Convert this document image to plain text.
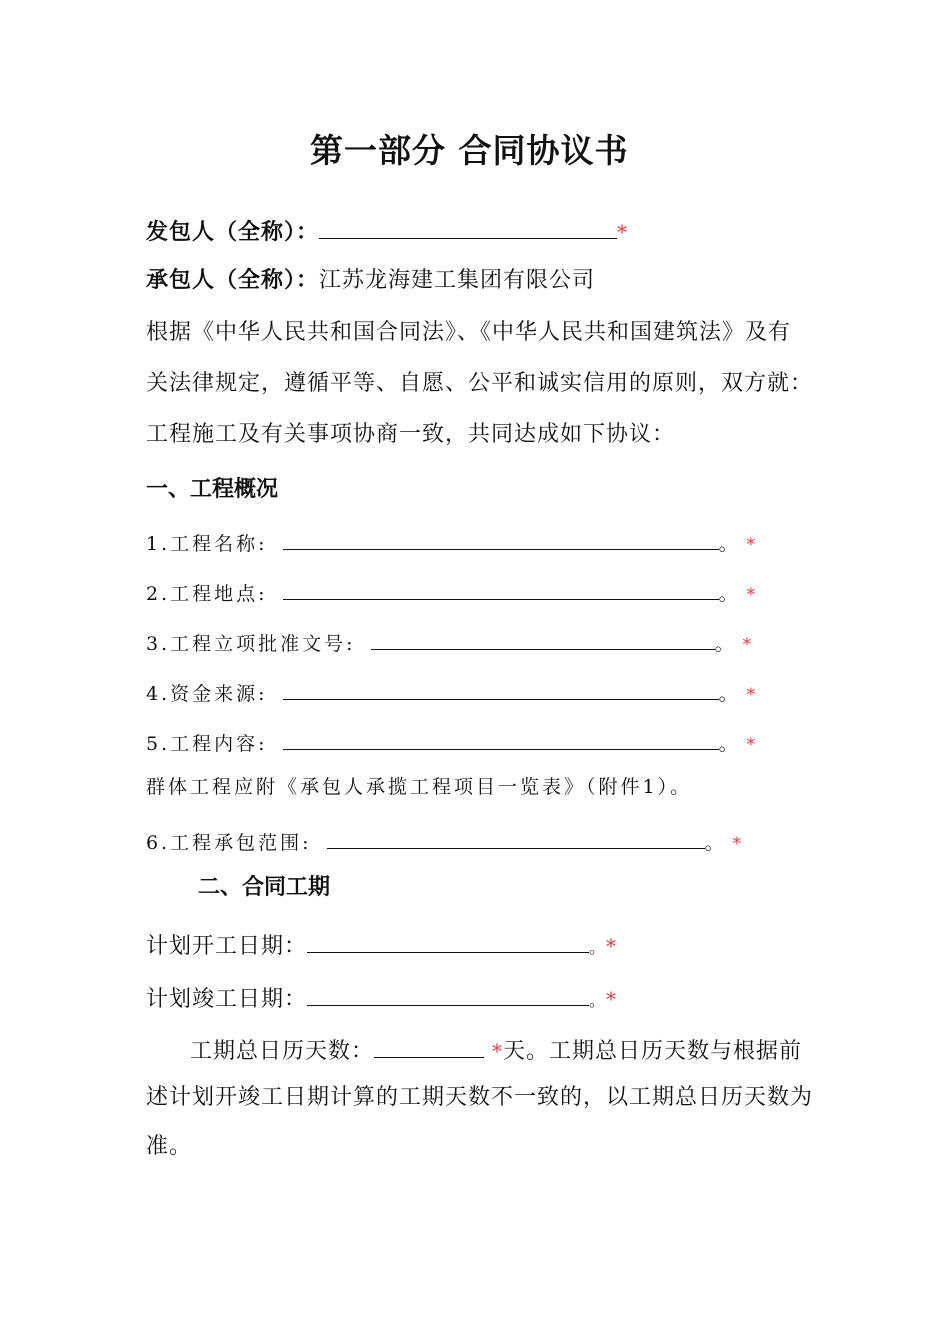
第一部分 合同协议书
发包人（全称）：	*
承包人（全称）：江苏龙海建工集团有限公司
根据《中华人民共和国合同法》、《中华人民共和国建筑法》及有
关法律规定，遵循平等、自愿、公平和诚实信用的原则，双方就：
工程施工及有关事项协商一致，共同达成如下协议：
一、工程概况
1.工程名称:	。 *
2.工程地点:	。 *
3.工程立项批准文号:	。 *
4.资金来源:	。 *
5.工程内容:	。 *
群体工程应附《承包人承揽工程项目一览表》（附件1）。
6.工程承包范围:	。 *
二、合同工期
计划开工日期：	。*
计划竣工日期：	。*
工期总日历天数：	*天。工期总日历天数与根据前
述计划开竣工日期计算的工期天数不一致的，以工期总日历天数为
准。
